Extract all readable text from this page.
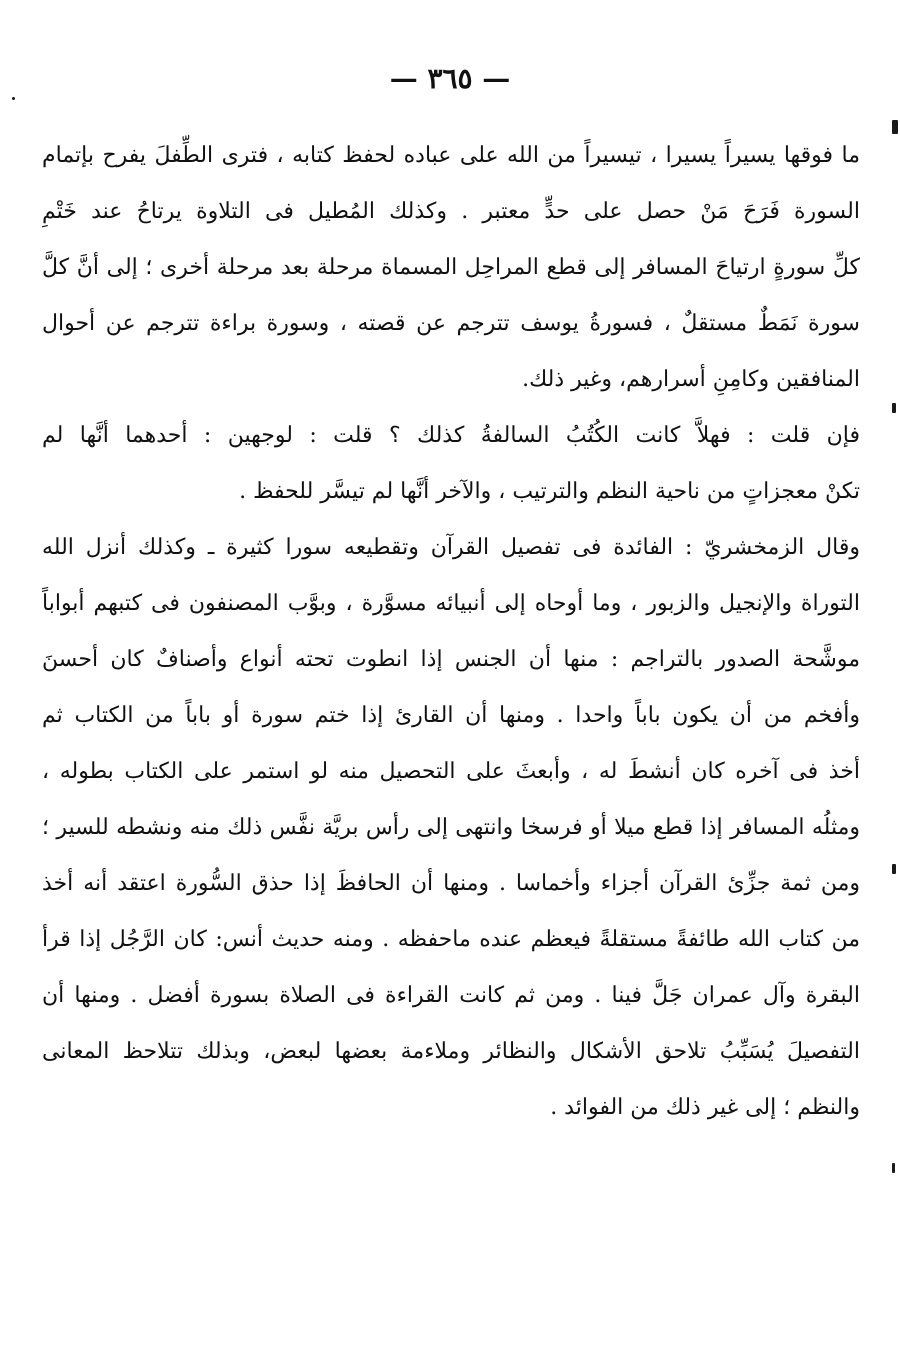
— ٣٦٥ —
ما فوقها يسيراً يسيرا ، تيسيراً من الله على عباده لحفظ كتابه ، فترى الطِّفلَ يفرح بإتمام
السورة فَرَحَ مَنْ حصل على حدٍّ معتبر . وكذلك المُطيل فى التلاوة يرتاحُ عند خَتْمِ
كلِّ سورةٍ ارتياحَ المسافر إلى قطع المراحِل المسماة مرحلة بعد مرحلة أخرى ؛ إلى أنَّ كلَّ
سورة نَمَطٌ مستقلٌ ، فسورةُ يوسف تترجم عن قصته ، وسورة براءة تترجم عن أحوال
المنافقين وكامِنِ أسرارهم، وغير ذلك.
فإن قلت : فهلاَّ كانت الكُتُبُ السالفةُ كذلك ؟ قلت : لوجهين : أحدهما أنَّها لم
تكنْ معجزاتٍ من ناحية النظم والترتيب ، والآخر أنَّها لم تيسَّر للحفظ .
وقال الزمخشريّ : الفائدة فى تفصيل القرآن وتقطيعه سورا كثيرة ـ وكذلك أنزل الله
التوراة والإنجيل والزبور ، وما أوحاه إلى أنبيائه مسوَّرة ، وبوَّب المصنفون فى كتبهم أبواباً
موشَّحة الصدور بالتراجم : منها أن الجنس إذا انطوت تحته أنواع وأصنافٌ كان أحسنَ
وأفخم من أن يكون باباً واحدا . ومنها أن القارئ إذا ختم سورة أو باباً من الكتاب ثم
أخذ فى آخره كان أنشطَ له ، وأبعثَ على التحصيل منه لو استمر على الكتاب بطوله ،
ومثلُه المسافر إذا قطع ميلا أو فرسخا وانتهى إلى رأس بريَّة نفَّس ذلك منه ونشطه للسير ؛
ومن ثمة جزِّئ القرآن أجزاء وأخماسا . ومنها أن الحافظَ إذا حذق السُّورة اعتقد أنه أخذ
من كتاب الله طائفةً مستقلةً فيعظم عنده ماحفظه . ومنه حديث أنس: كان الرَّجُل إذا قرأ
البقرة وآل عمران جَلَّ فينا . ومن ثم كانت القراءة فى الصلاة بسورة أفضل . ومنها أن
التفصيلَ يُسَبِّبُ تلاحق الأشكال والنظائر وملاءمة بعضها لبعض، وبذلك تتلاحظ المعانى
والنظم ؛ إلى غير ذلك من الفوائد .
